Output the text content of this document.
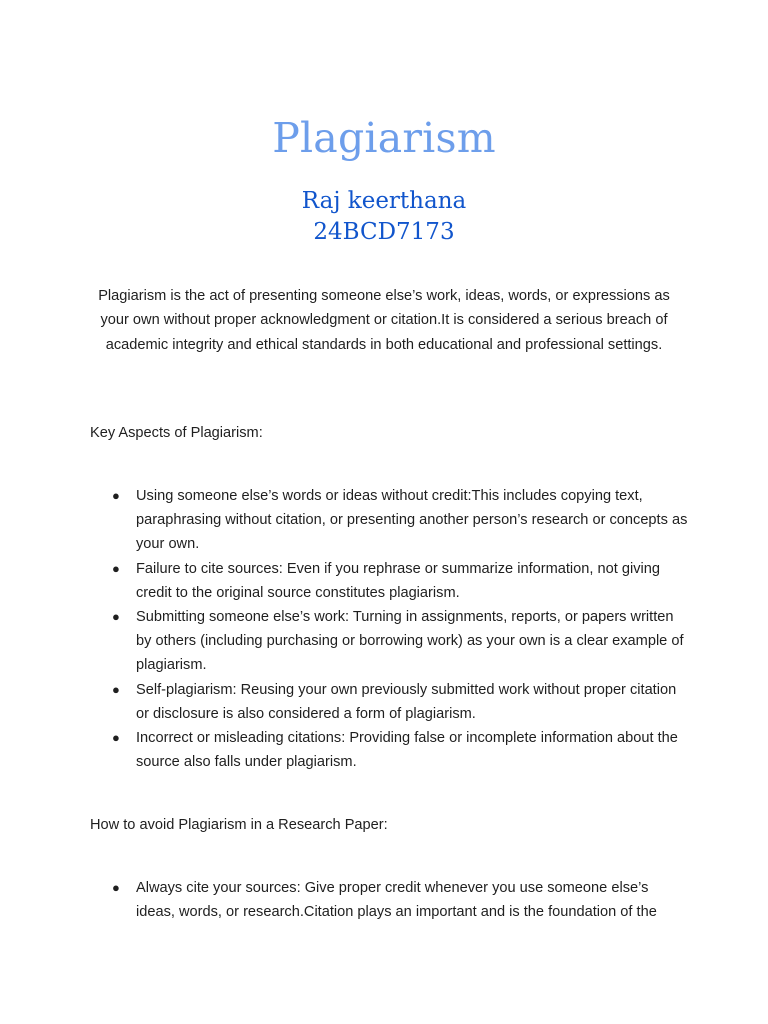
Plagiarism
Raj keerthana
24BCD7173
Plagiarism is the act of presenting someone else’s work, ideas, words, or expressions as your own without proper acknowledgment or citation.It is considered a serious breach of academic integrity and ethical standards in both educational and professional settings.
Key Aspects of Plagiarism:
● Using someone else’s words or ideas without credit:This includes copying text, paraphrasing without citation, or presenting another person’s research or concepts as your own.
● Failure to cite sources: Even if you rephrase or summarize information, not giving credit to the original source constitutes plagiarism.
● Submitting someone else’s work: Turning in assignments, reports, or papers written by others (including purchasing or borrowing work) as your own is a clear example of plagiarism.
● Self-plagiarism: Reusing your own previously submitted work without proper citation or disclosure is also considered a form of plagiarism.
● Incorrect or misleading citations: Providing false or incomplete information about the source also falls under plagiarism.
How to avoid Plagiarism in a Research Paper:
● Always cite your sources: Give proper credit whenever you use someone else’s ideas, words, or research.Citation plays an important and is the foundation of the
